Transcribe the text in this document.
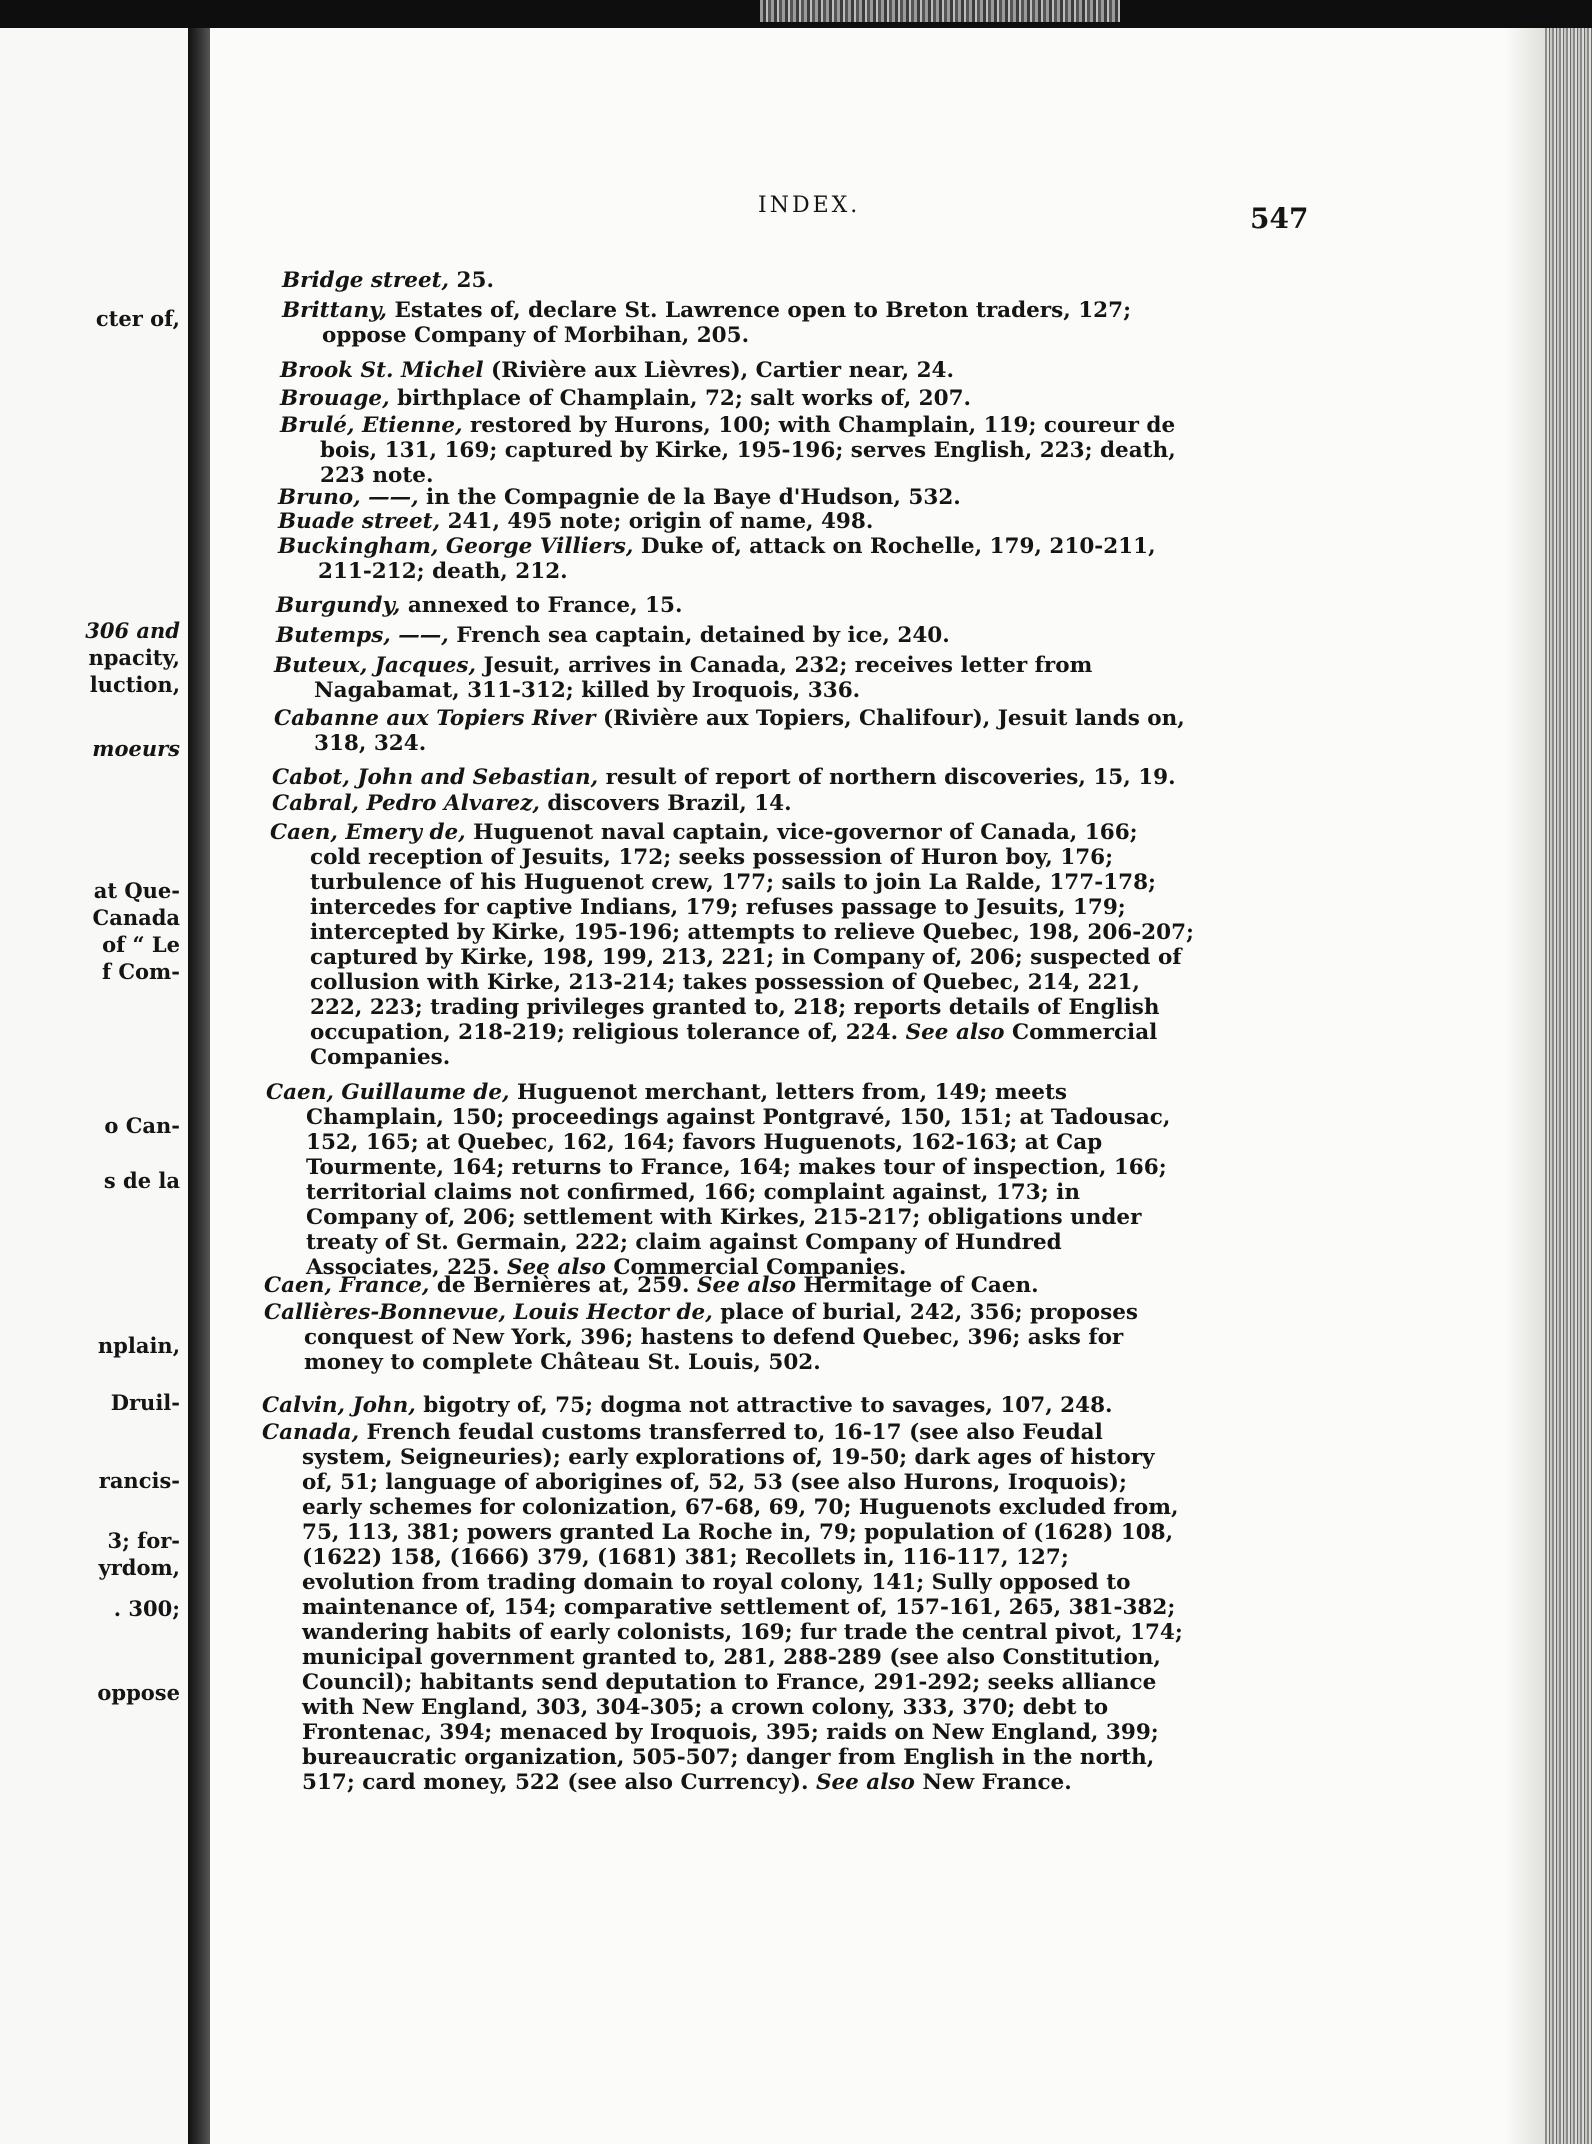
cter of,
306 and
npacity,
luction,
moeurs
at Que-
Canada
of “ Le
f Com-
o Can-
s de la
nplain,
Druil-
rancis-
3; for-
yrdom,
. 300;
oppose
INDEX.	547
Bridge street, 25.
Brittany, Estates of, declare St. Lawrence open to Breton traders, 127; oppose Company of Morbihan, 205.
Brook St. Michel (Rivière aux Lièvres), Cartier near, 24.
Brouage, birthplace of Champlain, 72; salt works of, 207.
Brulé, Etienne, restored by Hurons, 100; with Champlain, 119; coureur de bois, 131, 169; captured by Kirke, 195-196; serves English, 223; death, 223 note.
Bruno, ——, in the Compagnie de la Baye d'Hudson, 532.
Buade street, 241, 495 note; origin of name, 498.
Buckingham, George Villiers, Duke of, attack on Rochelle, 179, 210-211, 211-212; death, 212.
Burgundy, annexed to France, 15.
Butemps, ——, French sea captain, detained by ice, 240.
Buteux, Jacques, Jesuit, arrives in Canada, 232; receives letter from Nagabamat, 311-312; killed by Iroquois, 336.
Cabanne aux Topiers River (Rivière aux Topiers, Chalifour), Jesuit lands on, 318, 324.
Cabot, John and Sebastian, result of report of northern discoveries, 15, 19.
Cabral, Pedro Alvarez, discovers Brazil, 14.
Caen, Emery de, Huguenot naval captain, vice-governor of Canada, 166; cold reception of Jesuits, 172; seeks possession of Huron boy, 176; turbulence of his Huguenot crew, 177; sails to join La Ralde, 177-178; intercedes for captive Indians, 179; refuses passage to Jesuits, 179; intercepted by Kirke, 195-196; attempts to relieve Quebec, 198, 206-207; captured by Kirke, 198, 199, 213, 221; in Company of, 206; suspected of collusion with Kirke, 213-214; takes possession of Quebec, 214, 221, 222, 223; trading privileges granted to, 218; reports details of English occupation, 218-219; religious tolerance of, 224. See also Commercial Companies.
Caen, Guillaume de, Huguenot merchant, letters from, 149; meets Champlain, 150; proceedings against Pontgravé, 150, 151; at Tadousac, 152, 165; at Quebec, 162, 164; favors Huguenots, 162-163; at Cap Tourmente, 164; returns to France, 164; makes tour of inspection, 166; territorial claims not confirmed, 166; complaint against, 173; in Company of, 206; settlement with Kirkes, 215-217; obligations under treaty of St. Germain, 222; claim against Company of Hundred Associates, 225. See also Commercial Companies.
Caen, France, de Bernières at, 259. See also Hermitage of Caen.
Callières-Bonnevue, Louis Hector de, place of burial, 242, 356; proposes conquest of New York, 396; hastens to defend Quebec, 396; asks for money to complete Château St. Louis, 502.
Calvin, John, bigotry of, 75; dogma not attractive to savages, 107, 248.
Canada, French feudal customs transferred to, 16-17 (see also Feudal system, Seigneuries); early explorations of, 19-50; dark ages of history of, 51; language of aborigines of, 52, 53 (see also Hurons, Iroquois); early schemes for colonization, 67-68, 69, 70; Huguenots excluded from, 75, 113, 381; powers granted La Roche in, 79; population of (1628) 108, (1622) 158, (1666) 379, (1681) 381; Recollets in, 116-117, 127; evolution from trading domain to royal colony, 141; Sully opposed to maintenance of, 154; comparative settlement of, 157-161, 265, 381-382; wandering habits of early colonists, 169; fur trade the central pivot, 174; municipal government granted to, 281, 288-289 (see also Constitution, Council); habitants send deputation to France, 291-292; seeks alliance with New England, 303, 304-305; a crown colony, 333, 370; debt to Frontenac, 394; menaced by Iroquois, 395; raids on New England, 399; bureaucratic organization, 505-507; danger from English in the north, 517; card money, 522 (see also Currency). See also New France.
